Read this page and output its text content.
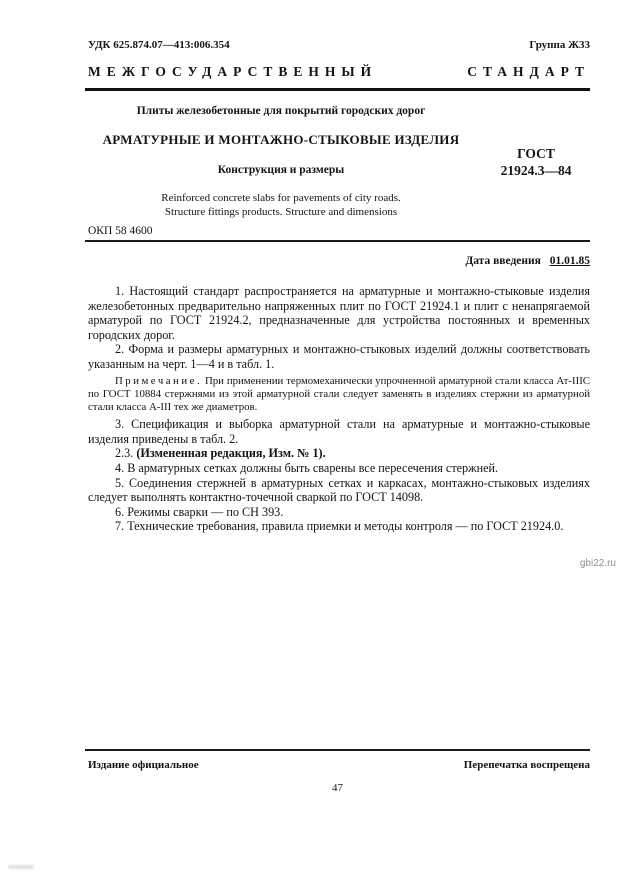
УДК 625.874.07—413:006.354	Группа Ж33
МЕЖГОСУДАРСТВЕННЫЙ	СТАНДАРТ
Плиты железобетонные для покрытий городских дорог
АРМАТУРНЫЕ И МОНТАЖНО-СТЫКОВЫЕ ИЗДЕЛИЯ
Конструкция и размеры
Reinforced concrete slabs for pavements of city roads.
Structure fittings products. Structure and dimensions
ГОСТ
21924.3—84
ОКП 58 4600
Дата введения 01.01.85

1. Настоящий стандарт распространяется на арматурные и монтажно-стыковые изделия железобетонных предварительно напряженных плит по ГОСТ 21924.1 и плит с ненапрягаемой арматурой по ГОСТ 21924.2, предназначенные для устройства постоянных и временных городских дорог.

2. Форма и размеры арматурных и монтажно-стыковых изделий должны соответствовать указанным на черт. 1—4 и в табл. 1.

Примечание. При применении термомеханически упрочненной арматурной стали класса Ат-IIIC по ГОСТ 10884 стержнями из этой арматурной стали следует заменять в изделиях стержни из арматурной стали класса А-III тех же диаметров.

3. Спецификация и выборка арматурной стали на арматурные и монтажно-стыковые изделия приведены в табл. 2.

2.3. (Измененная редакция, Изм. № 1).

4. В арматурных сетках должны быть сварены все пересечения стержней.

5. Соединения стержней в арматурных сетках и каркасах, монтажно-стыковых изделиях следует выполнять контактно-точечной сваркой по ГОСТ 14098.

6. Режимы сварки — по СН 393.

7. Технические требования, правила приемки и методы контроля — по ГОСТ 21924.0.

gbi22.ru
Издание официальное	Перепечатка воспрещена
47
